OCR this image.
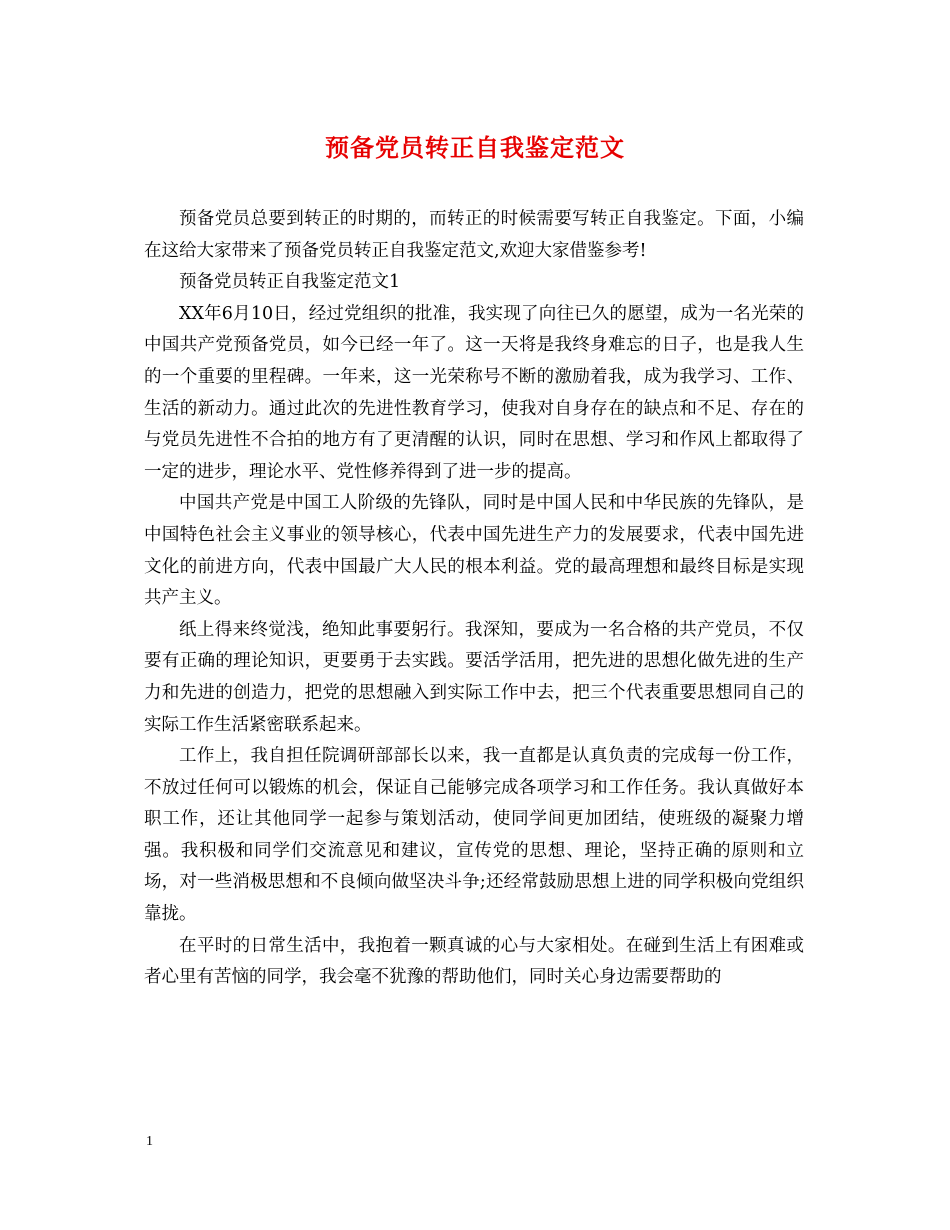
预备党员转正自我鉴定范文

预备党员总要到转正的时期的，而转正的时候需要写转正自我鉴定。下面，小编在这给大家带来了预备党员转正自我鉴定范文,欢迎大家借鉴参考!

预备党员转正自我鉴定范文1

XX年6月10日，经过党组织的批准，我实现了向往已久的愿望，成为一名光荣的中国共产党预备党员，如今已经一年了。这一天将是我终身难忘的日子，也是我人生的一个重要的里程碑。一年来，这一光荣称号不断的激励着我，成为我学习、工作、生活的新动力。通过此次的先进性教育学习，使我对自身存在的缺点和不足、存在的与党员先进性不合拍的地方有了更清醒的认识，同时在思想、学习和作风上都取得了一定的进步，理论水平、党性修养得到了进一步的提高。

中国共产党是中国工人阶级的先锋队，同时是中国人民和中华民族的先锋队，是中国特色社会主义事业的领导核心，代表中国先进生产力的发展要求，代表中国先进文化的前进方向，代表中国最广大人民的根本利益。党的最高理想和最终目标是实现共产主义。

纸上得来终觉浅，绝知此事要躬行。我深知，要成为一名合格的共产党员，不仅要有正确的理论知识，更要勇于去实践。要活学活用，把先进的思想化做先进的生产力和先进的创造力，把党的思想融入到实际工作中去，把三个代表重要思想同自己的实际工作生活紧密联系起来。

工作上，我自担任院调研部部长以来，我一直都是认真负责的完成每一份工作，不放过任何可以锻炼的机会，保证自己能够完成各项学习和工作任务。我认真做好本职工作，还让其他同学一起参与策划活动，使同学间更加团结，使班级的凝聚力增强。我积极和同学们交流意见和建议，宣传党的思想、理论，坚持正确的原则和立场，对一些消极思想和不良倾向做坚决斗争;还经常鼓励思想上进的同学积极向党组织靠拢。

在平时的日常生活中，我抱着一颗真诚的心与大家相处。在碰到生活上有困难或者心里有苦恼的同学，我会毫不犹豫的帮助他们，同时关心身边需要帮助的

1
